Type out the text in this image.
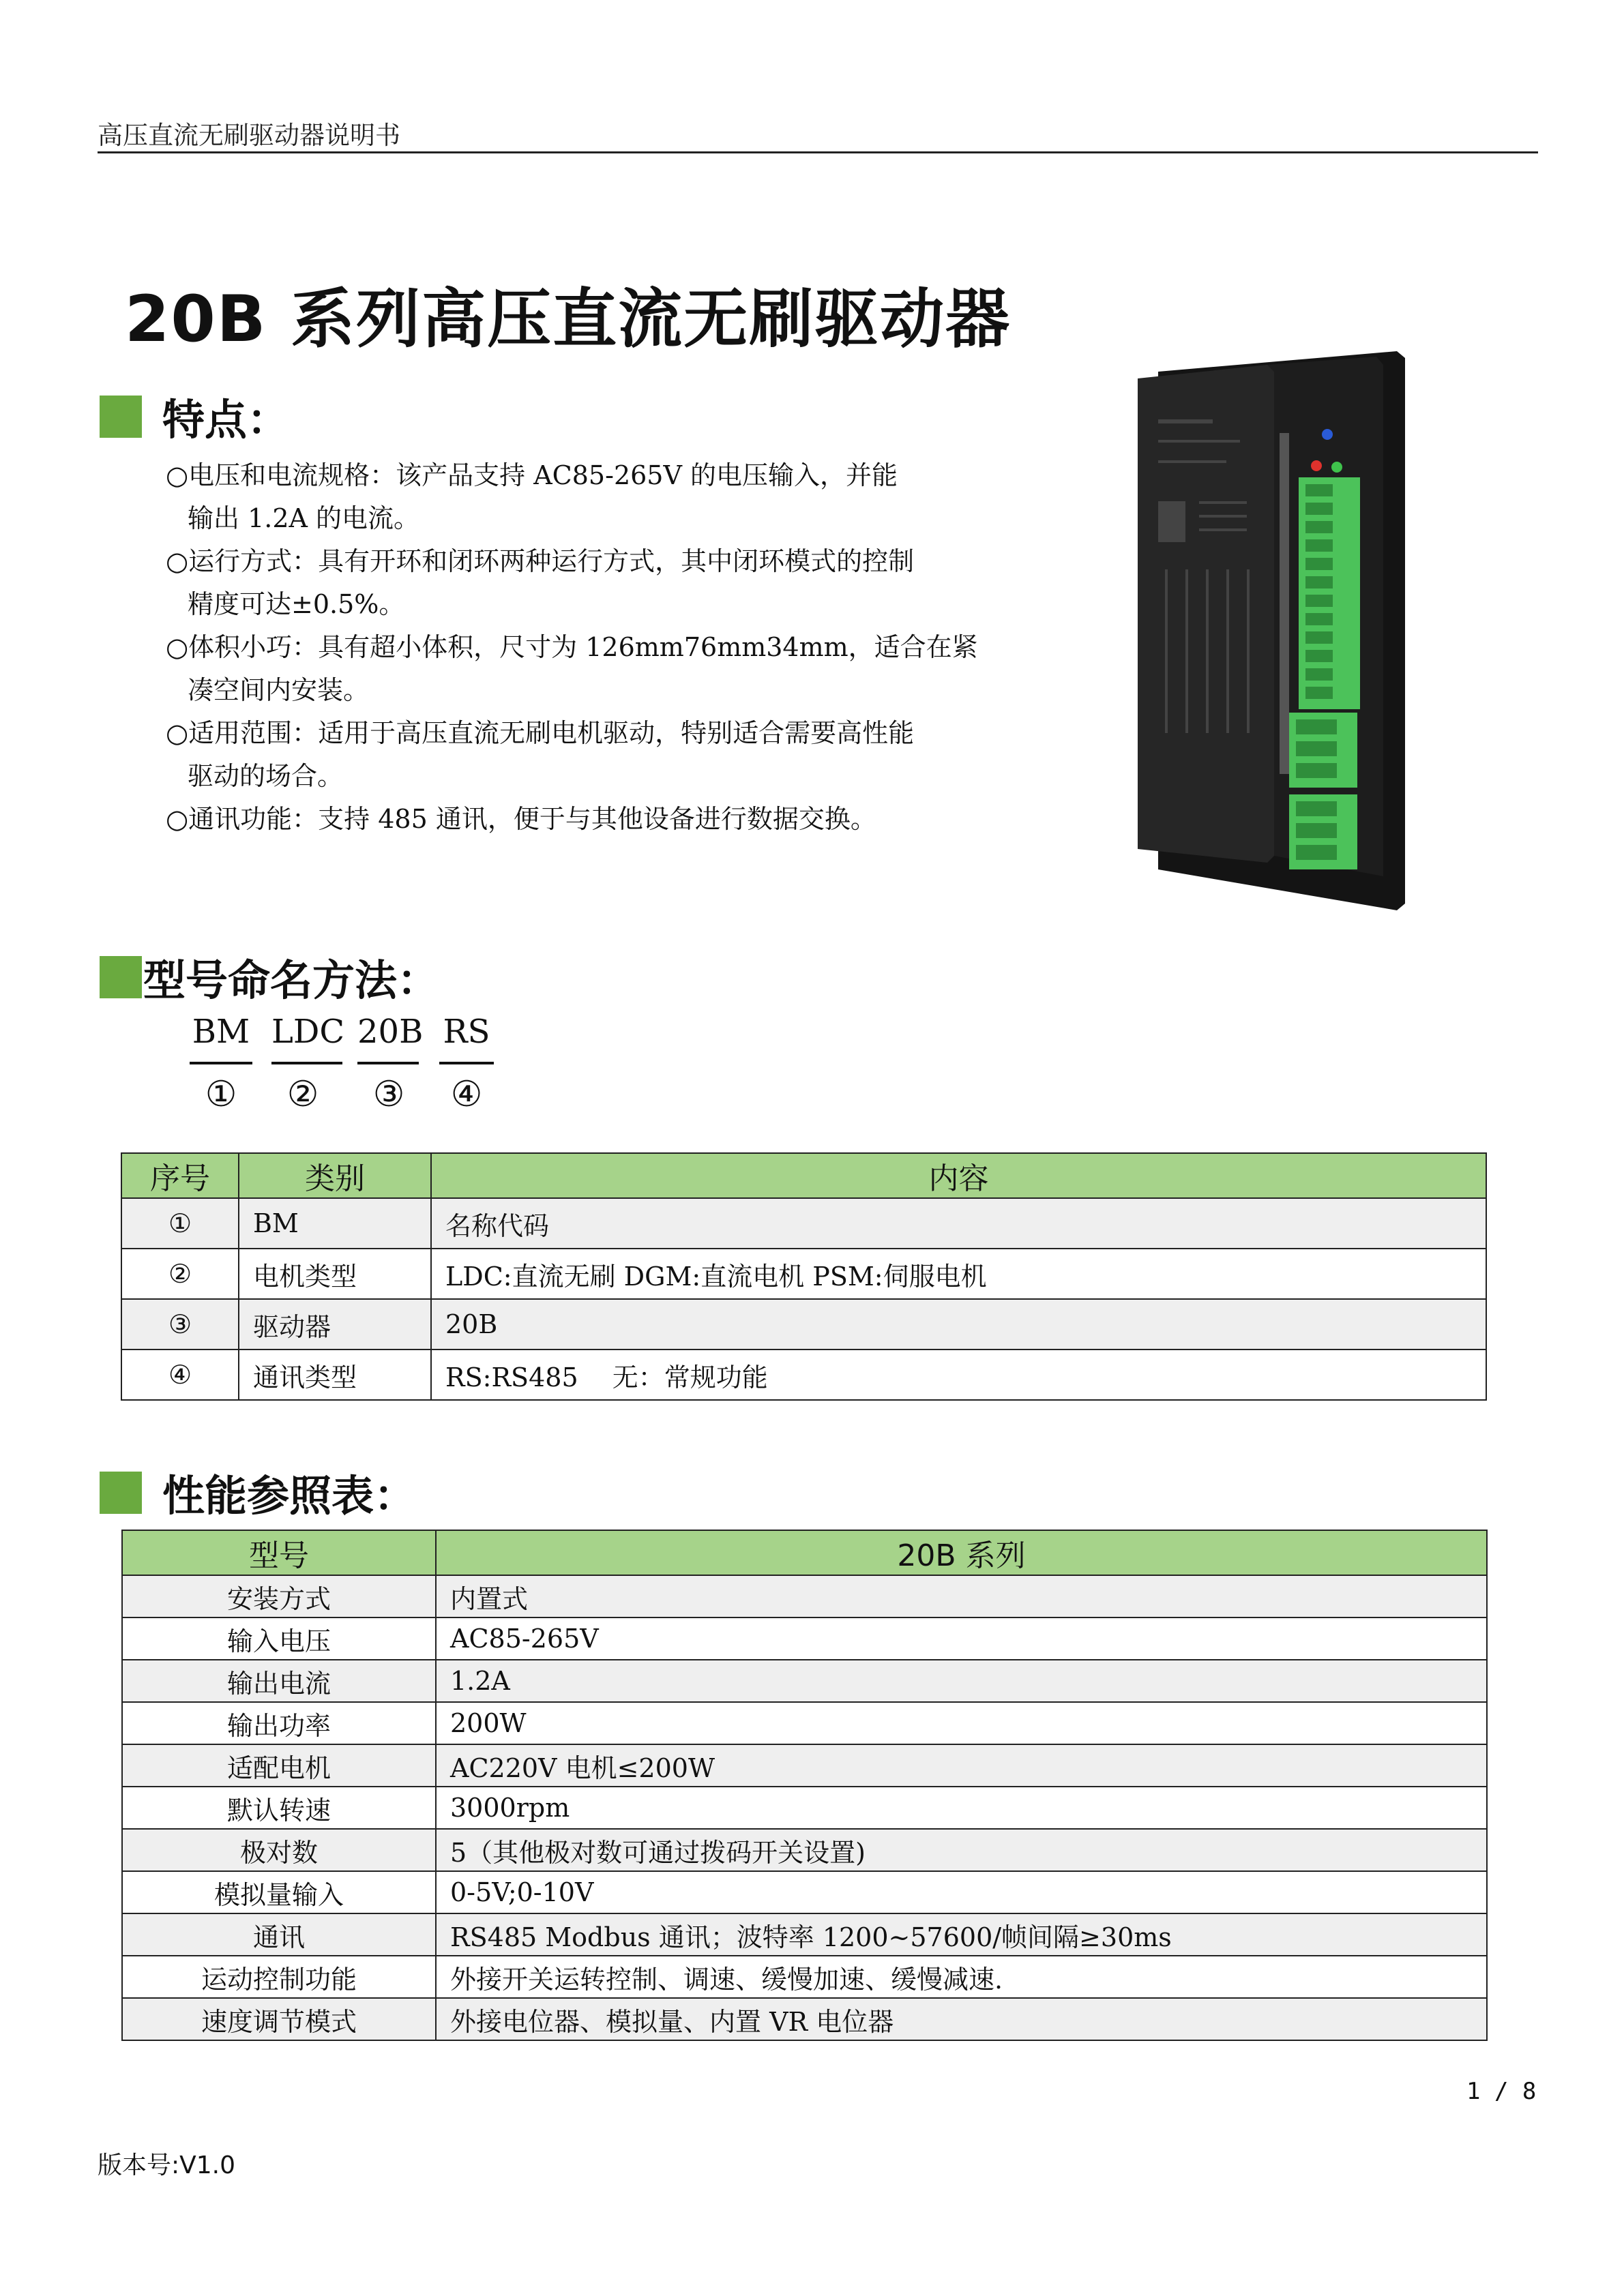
高压直流无刷驱动器说明书
20B 系列高压直流无刷驱动器
特点：
○电压和电流规格：该产品支持 AC85-265V 的电压输入，并能
输出 1.2A 的电流。
○运行方式：具有开环和闭环两种运行方式，其中闭环模式的控制
精度可达±0.5%。
○体积小巧：具有超小体积，尺寸为 126mm76mm34mm，适合在紧
凑空间内安装。
○适用范围：适用于高压直流无刷电机驱动，特别适合需要高性能
驱动的场合。
○通讯功能：支持 485 通讯，便于与其他设备进行数据交换。
型号命名方法：
BM LDC 20B RS
①	②	③	④
序号	类别	内容
①	BM	名称代码
②	电机类型	LDC:直流无刷 DGM:直流电机 PSM:伺服电机
③	驱动器	20B
④	通讯类型	RS:RS485 　无：常规功能
性能参照表：
型号	20B 系列
安装方式	内置式
输入电压	AC85-265V
输出电流	1.2A
输出功率	200W
适配电机	AC220V 电机≤200W
默认转速	3000rpm
极对数	5（其他极对数可通过拨码开关设置)
模拟量输入	0-5V;0-10V
通讯	RS485 Modbus 通讯；波特率 1200~57600/帧间隔≥30ms
运动控制功能	外接开关运转控制、调速、缓慢加速、缓慢减速.
速度调节模式	外接电位器、模拟量、内置 VR 电位器
1 / 8
版本号:V1.0
